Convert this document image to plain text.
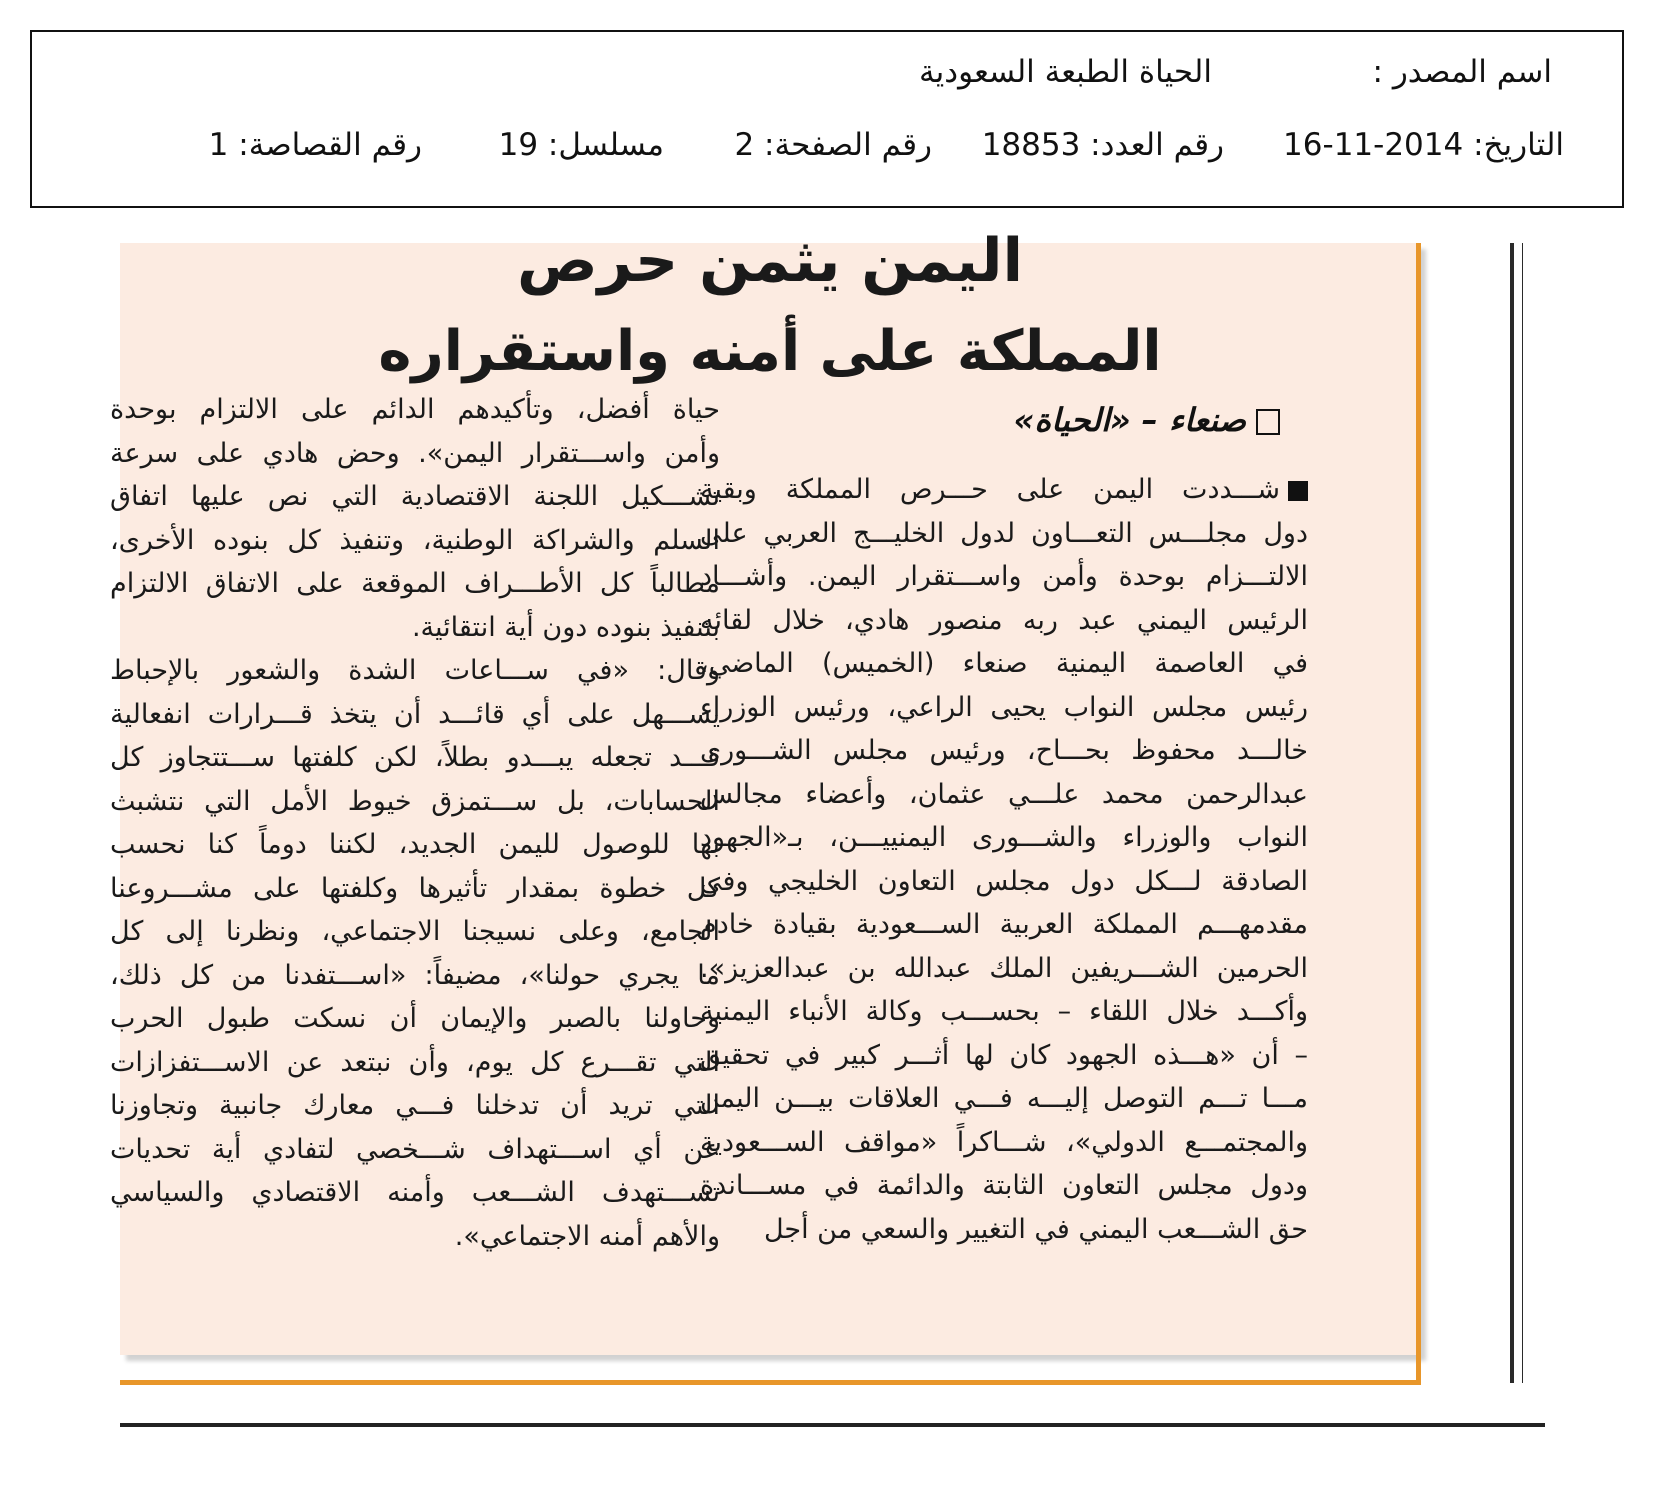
اسم المصدر :
الحياة الطبعة السعودية
التاريخ: 2014-11-16
رقم العدد: 18853
رقم الصفحة: 2
مسلسل: 19
رقم القصاصة: 1
اليمن يثمن حرص
المملكة على أمنه واستقراره
صنعاء – «الحياة»

شـــددت اليمن على حـــرص المملكة وبقية

دول مجلـــس التعـــاون لدول الخليـــج العربي على

الالتـــزام بوحدة وأمن واســـتقرار اليمن. وأشـــاد

الرئيس اليمني عبد ربه منصور هادي، خلال لقائه

في العاصمة اليمنية صنعاء (الخميس) الماضي،

رئيس مجلس النواب يحيى الراعي، ورئيس الوزراء

خالـــد محفوظ بحـــاح، ورئيس مجلس الشـــورى

عبدالرحمن محمد علـــي عثمان، وأعضاء مجالس

النواب والوزراء والشـــورى اليمنييـــن، بـ«الجهود

الصادقة لـــكل دول مجلس التعاون الخليجي وفي

مقدمهـــم المملكة العربية الســـعودية بقيادة خادم

الحرمين الشـــريفين الملك عبدالله بن عبدالعزيز».

وأكـــد خلال اللقاء – بحســـب وكالة الأنباء اليمنية

– أن «هـــذه الجهود كان لها أثـــر كبير في تحقيق

مـــا تـــم التوصل إليـــه فـــي العلاقات بيـــن اليمن

والمجتمـــع الدولي»، شـــاكراً «مواقف الســـعودية

ودول مجلس التعاون الثابتة والدائمة في مســـاندة

حق الشـــعب اليمني في التغيير والسعي من أجل

حياة أفضل، وتأكيدهم الدائم على الالتزام بوحدة

وأمن واســـتقرار اليمن». وحض هادي على سرعة

تشـــكيل اللجنة الاقتصادية التي نص عليها اتفاق

السلم والشراكة الوطنية، وتنفيذ كل بنوده الأخرى،

مطالباً كل الأطـــراف الموقعة على الاتفاق الالتزام

بتنفيذ بنوده دون أية انتقائية.

وقال: «في ســـاعات الشدة والشعور بالإحباط

يســـهل على أي قائـــد أن يتخذ قـــرارات انفعالية

قـــد تجعله يبـــدو بطلاً، لكن كلفتها ســـتتجاوز كل

الحسابات، بل ســـتمزق خيوط الأمل التي نتشبث

بها للوصول لليمن الجديد، لكننا دوماً كنا نحسب

كل خطوة بمقدار تأثيرها وكلفتها على مشـــروعنا

الجامع، وعلى نسيجنا الاجتماعي، ونظرنا إلى كل

ما يجري حولنا»، مضيفاً: «اســـتفدنا من كل ذلك،

وحاولنا بالصبر والإيمان أن نسكت طبول الحرب

التي تقـــرع كل يوم، وأن نبتعد عن الاســـتفزازات

التي تريد أن تدخلنا فـــي معارك جانبية وتجاوزنا

عن أي اســـتهداف شـــخصي لتفادي أية تحديات

تســـتهدف الشـــعب وأمنه الاقتصادي والسياسي

والأهم أمنه الاجتماعي».
